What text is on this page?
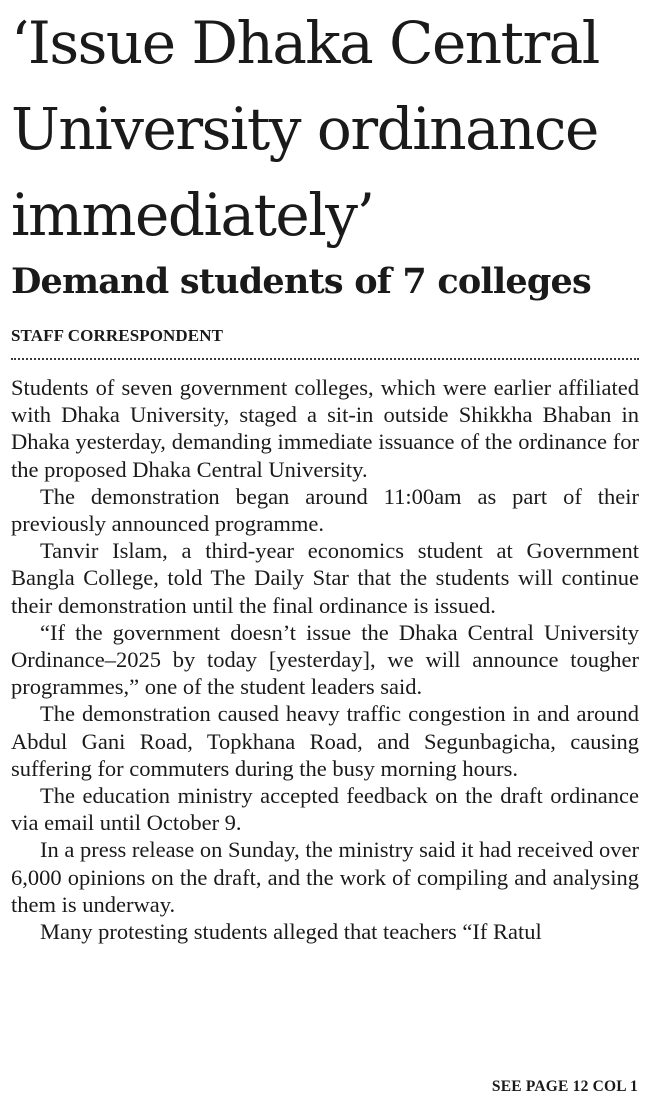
‘Issue Dhaka Central University ordinance immediately’
Demand students of 7 colleges
STAFF CORRESPONDENT

Students of seven government colleges, which were earlier affiliated with Dhaka University, staged a sit-in outside Shikkha Bhaban in Dhaka yesterday, demanding immediate issuance of the ordinance for the proposed Dhaka Central University.

The demonstration began around 11:00am as part of their previously announced programme.

Tanvir Islam, a third-year economics student at Government Bangla College, told The Daily Star that the students will continue their demonstration until the final ordinance is issued.

“If the government doesn’t issue the Dhaka Central University Ordinance–2025 by today [yesterday], we will announce tougher programmes,” one of the student leaders said.

The demonstration caused heavy traffic congestion in and around Abdul Gani Road, Topkhana Road, and Segunbagicha, causing suffering for commuters during the busy morning hours.

The education ministry accepted feedback on the draft ordinance via email until October 9.

In a press release on Sunday, the ministry said it had received over 6,000 opinions on the draft, and the work of compiling and analysing them is underway.

Many protesting students alleged that teachers “If Ratul

SEE PAGE 12 COL 1
